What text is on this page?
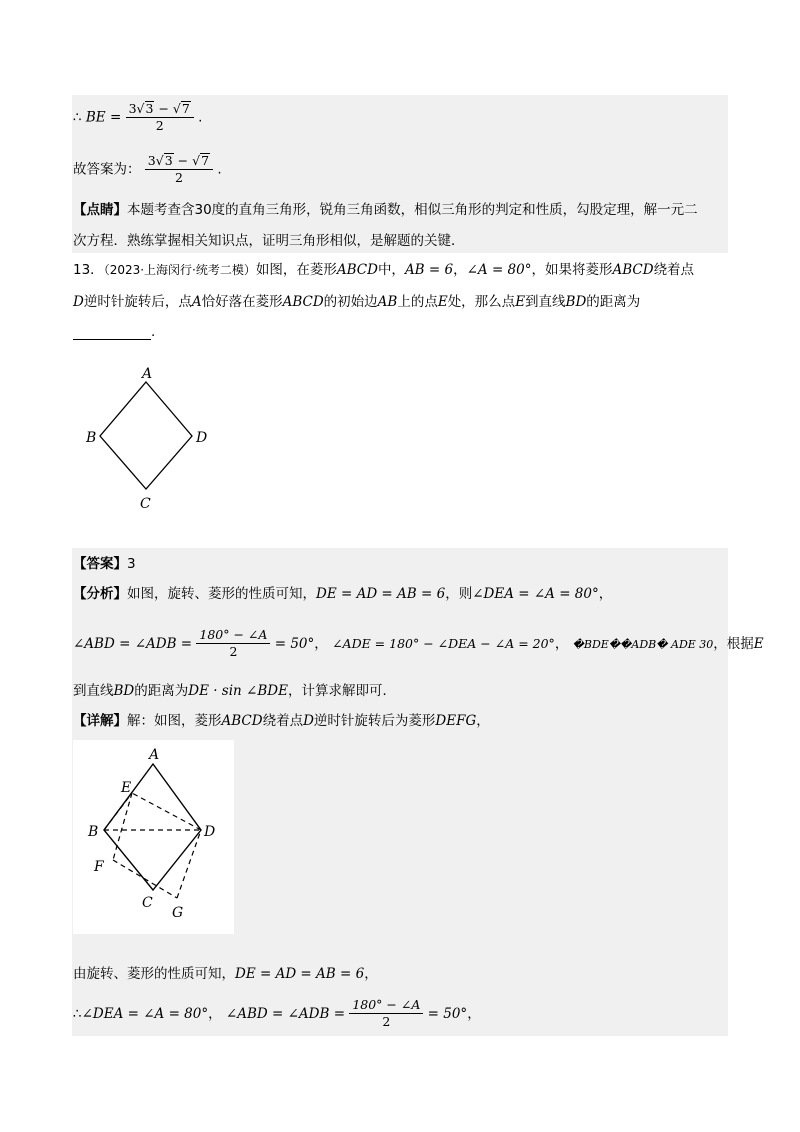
∴ BE = $\frac{3√3 - √7}{2}$ .
故答案为： $\frac{3√3 - √7}{2}$ .
【点睛】本题考查含30度的直角三角形，锐角三角函数，相似三角形的判定和性质，勾股定理，解一元二
次方程．熟练掌握相关知识点，证明三角形相似，是解题的关键．
13．（2023·上海闵行·统考二模）如图，在菱形ABCD中，AB = 6，∠A = 80°，如果将菱形ABCD绕着点
D逆时针旋转后，点A恰好落在菱形ABCD的初始边AB上的点E处，那么点E到直线BD的距离为
.
A
B	D
C
【答案】3
【分析】如图，旋转、菱形的性质可知，DE = AD = AB = 6，则∠DEA = ∠A = 80°，
∠ABD = ∠ADB = $\frac{180^\circ - \angle A}{2} = 50^\circ$， ∠ADE = 180° − ∠DEA − ∠A = 20°， �BDE��ADB� ADE 30，根据E
到直线BD的距离为DE · sin ∠BDE，计算求解即可．
【详解】解：如图，菱形ABCD绕着点D逆时针旋转后为菱形DEFG，
A
E
B	D
F
C
G
由旋转、菱形的性质可知，DE = AD = AB = 6，
∴∠DEA = ∠A = 80°， ∠ABD = ∠ADB = $\frac{180^\circ - \angle A}{2} = 50^\circ$，
